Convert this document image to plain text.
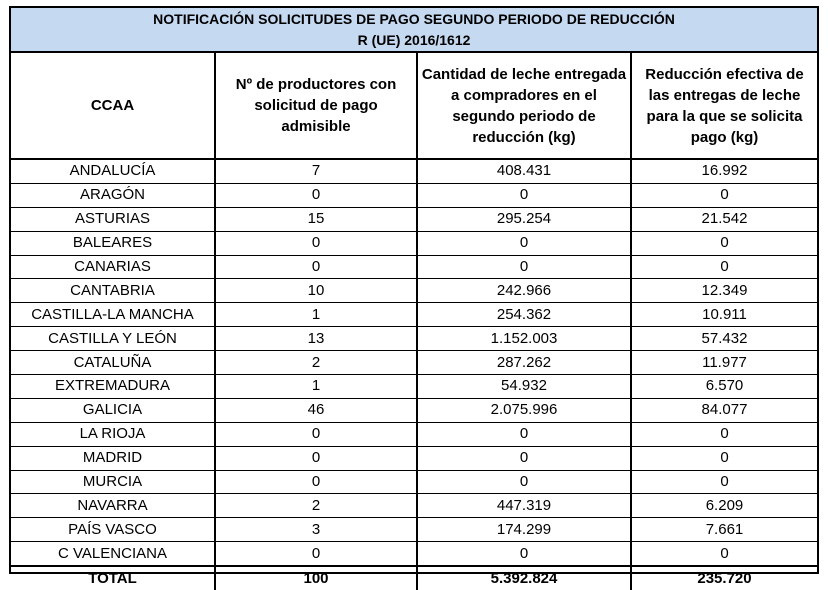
NOTIFICACIÓN SOLICITUDES DE PAGO SEGUNDO PERIODO DE REDUCCIÓN
R (UE) 2016/1612
CCAA	Nº de productores con solicitud de pago admisible	Cantidad de leche entregada a compradores en el segundo periodo de reducción (kg)	Reducción efectiva de las entregas de leche para la que se solicita pago (kg)
ANDALUCÍA	7	408.431	16.992
ARAGÓN	0	0	0
ASTURIAS	15	295.254	21.542
BALEARES	0	0	0
CANARIAS	0	0	0
CANTABRIA	10	242.966	12.349
CASTILLA-LA MANCHA	1	254.362	10.911
CASTILLA Y LEÓN	13	1.152.003	57.432
CATALUÑA	2	287.262	11.977
EXTREMADURA	1	54.932	6.570
GALICIA	46	2.075.996	84.077
LA RIOJA	0	0	0
MADRID	0	0	0
MURCIA	0	0	0
NAVARRA	2	447.319	6.209
PAÍS VASCO	3	174.299	7.661
C VALENCIANA	0	0	0
TOTAL	100	5.392.824	235.720
